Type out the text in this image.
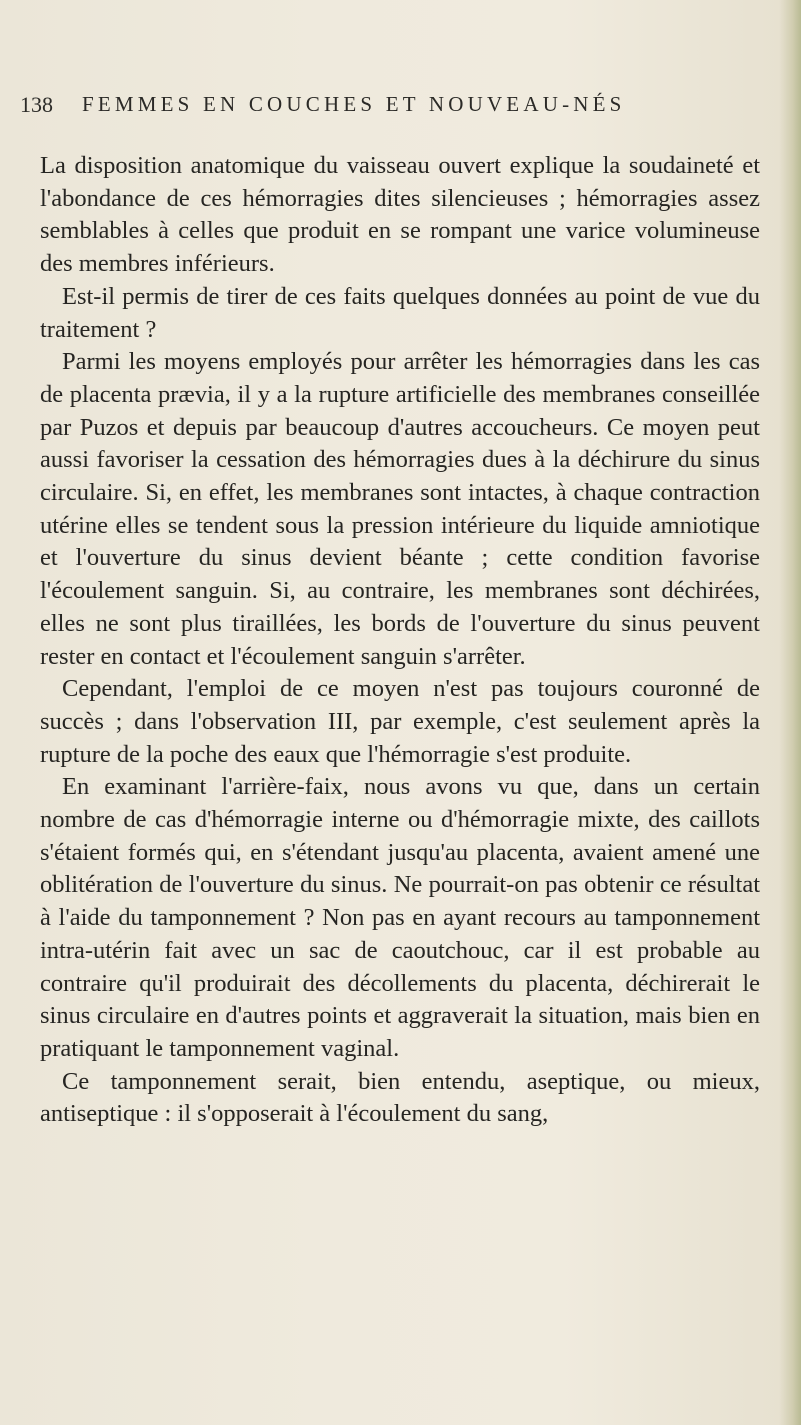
138 FEMMES EN COUCHES ET NOUVEAU-NÉS

La disposition anatomique du vaisseau ouvert explique la soudaineté et l'abondance de ces hémorragies dites silencieuses ; hémorragies assez semblables à celles que produit en se rompant une varice volumineuse des membres inférieurs.

Est-il permis de tirer de ces faits quelques données au point de vue du traitement ?

Parmi les moyens employés pour arrêter les hémorragies dans les cas de placenta prævia, il y a la rupture artificielle des membranes conseillée par Puzos et depuis par beaucoup d'autres accoucheurs. Ce moyen peut aussi favoriser la cessation des hémorragies dues à la déchirure du sinus circulaire. Si, en effet, les membranes sont intactes, à chaque contraction utérine elles se tendent sous la pression intérieure du liquide amniotique et l'ouverture du sinus devient béante ; cette condition favorise l'écoulement sanguin. Si, au contraire, les membranes sont déchirées, elles ne sont plus tiraillées, les bords de l'ouverture du sinus peuvent rester en contact et l'écoulement sanguin s'arrêter.

Cependant, l'emploi de ce moyen n'est pas toujours couronné de succès ; dans l'observation III, par exemple, c'est seulement après la rupture de la poche des eaux que l'hémorragie s'est produite.

En examinant l'arrière-faix, nous avons vu que, dans un certain nombre de cas d'hémorragie interne ou d'hémorragie mixte, des caillots s'étaient formés qui, en s'étendant jusqu'au placenta, avaient amené une oblitération de l'ouverture du sinus. Ne pourrait-on pas obtenir ce résultat à l'aide du tamponnement ? Non pas en ayant recours au tamponnement intra-utérin fait avec un sac de caoutchouc, car il est probable au contraire qu'il produirait des décollements du placenta, déchirerait le sinus circulaire en d'autres points et aggraverait la situation, mais bien en pratiquant le tamponnement vaginal.

Ce tamponnement serait, bien entendu, aseptique, ou mieux, antiseptique : il s'opposerait à l'écoulement du sang,
